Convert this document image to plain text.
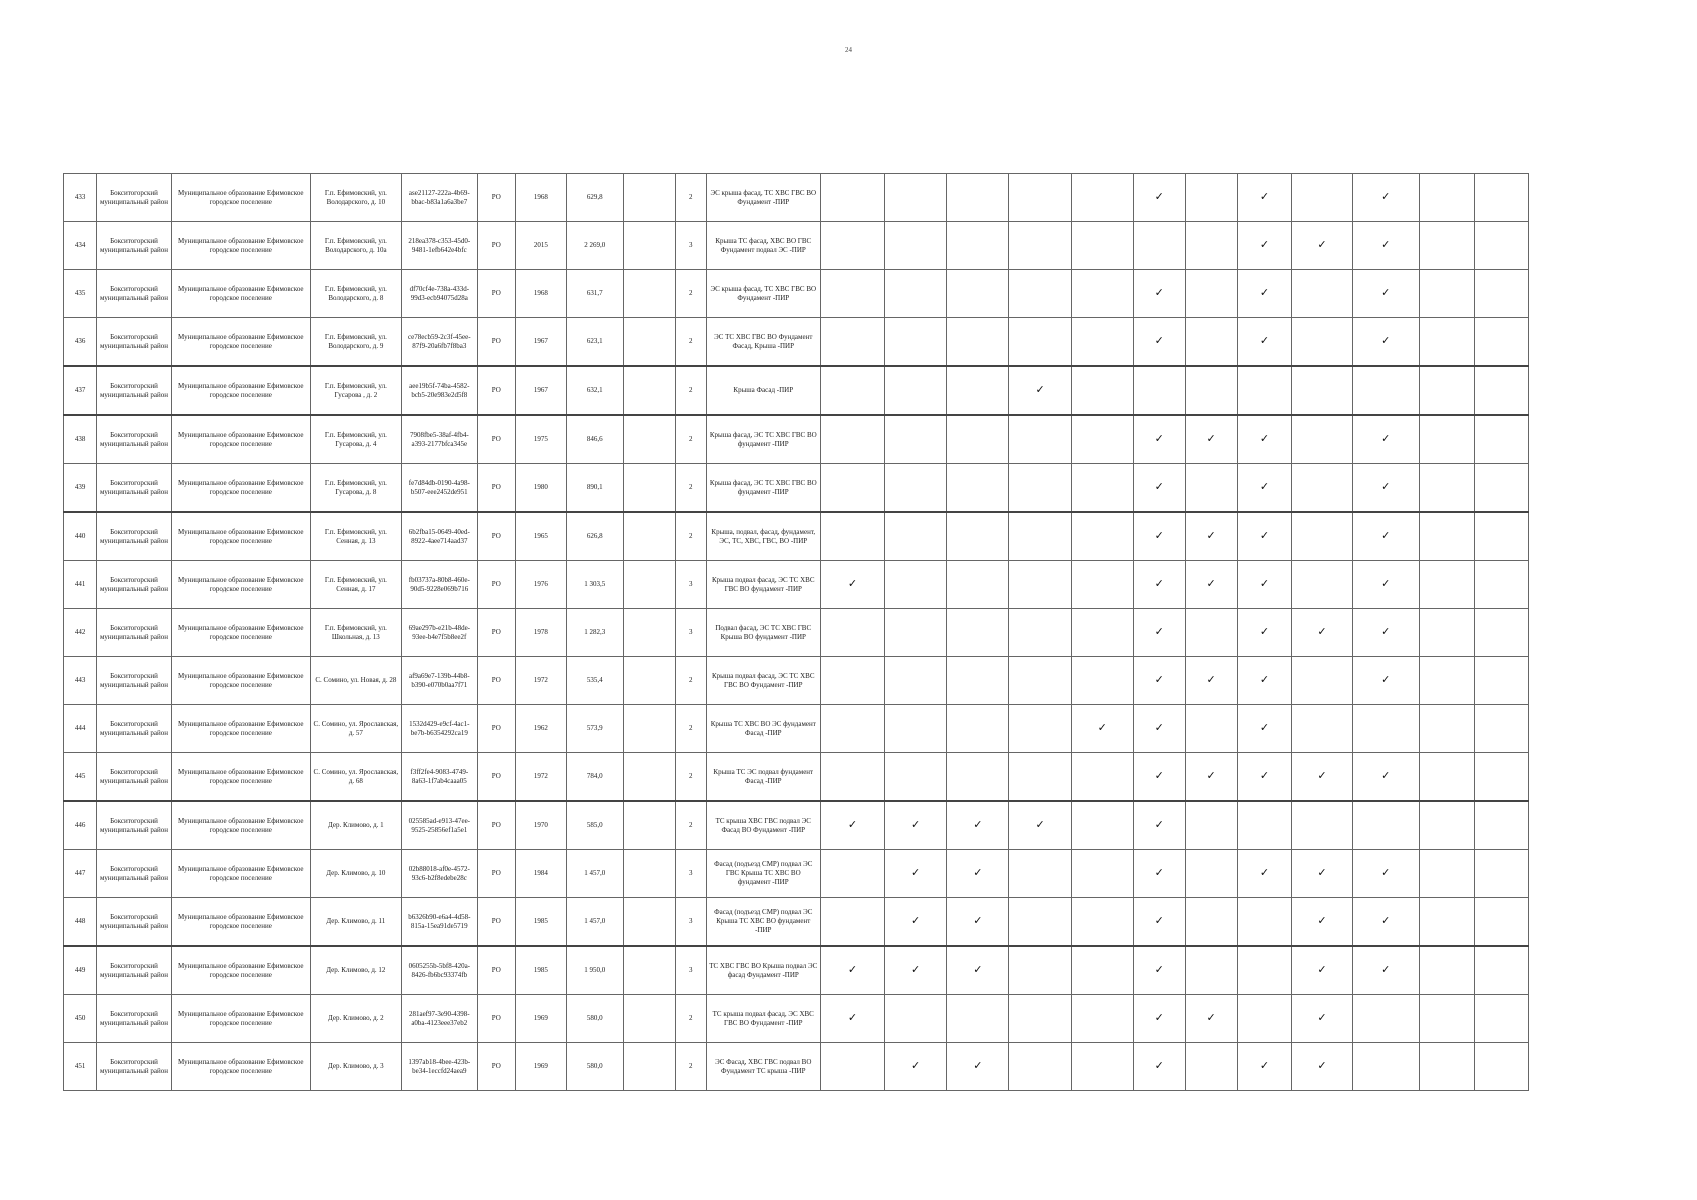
24
433	Бокситогорский муниципальный район	Муниципальное образование Ефимовское городское поселение	Г.п. Ефимовский, ул. Володарского, д. 10	ase21127-222a-4b69-bbac-b83a1a6a3be7	РО	1968	629,8		2	ЭС крыша фасад, ТС ХВС ГВС ВО Фундамент -ПИР						✓		✓		✓		
434	Бокситогорский муниципальный район	Муниципальное образование Ефимовское городское поселение	Г.п. Ефимовский, ул. Володарского, д. 10а	218ea378-c353-45d0-9481-1efb642e4bfc	РО	2015	2 269,0		3	Крыша ТС фасад, ХВС ВО ГВС Фундамент подвал ЭС -ПИР								✓	✓	✓		
435	Бокситогорский муниципальный район	Муниципальное образование Ефимовское городское поселение	Г.п. Ефимовский, ул. Володарского, д. 8	df70cf4e-738a-433d-99d3-ecb94075d28a	РО	1968	631,7		2	ЭС крыша фасад, ТС ХВС ГВС ВО Фундамент -ПИР						✓		✓		✓		
436	Бокситогорский муниципальный район	Муниципальное образование Ефимовское городское поселение	Г.п. Ефимовский, ул. Володарского, д. 9	ce78ecb59-2c3f-45ee-87f9-20a6fb7f8ba3	РО	1967	623,1		2	ЭС ТС ХВС ГВС ВО Фундамент Фасад, Крыша -ПИР						✓		✓		✓		
437	Бокситогорский муниципальный район	Муниципальное образование Ефимовское городское поселение	Г.п. Ефимовский, ул. Гусарова , д. 2	aee19b5f-74ba-4582-bcb5-20e983e2d5f8	РО	1967	632,1		2	Крыша Фасад -ПИР				✓								
438	Бокситогорский муниципальный район	Муниципальное образование Ефимовское городское поселение	Г.п. Ефимовский, ул. Гусарова, д. 4	7908fbe5-38af-4fb4-a393-2177bfca345e	РО	1975	846,6		2	Крыша фасад, ЭС ТС ХВС ГВС ВО фундамент -ПИР						✓	✓	✓		✓		
439	Бокситогорский муниципальный район	Муниципальное образование Ефимовское городское поселение	Г.п. Ефимовский, ул. Гусарова, д. 8	fe7d84db-0190-4a98-b507-eee2452de951	РО	1980	890,1		2	Крыша фасад, ЭС ТС ХВС ГВС ВО фундамент -ПИР						✓		✓		✓		
440	Бокситогорский муниципальный район	Муниципальное образование Ефимовское городское поселение	Г.п. Ефимовский, ул. Сенная, д. 13	6b2fba15-0649-40ed-8922-4aee714aad37	РО	1965	626,8		2	Крыша, подвал, фасад, фундамент, ЭС, ТС, ХВС, ГВС, ВО -ПИР						✓	✓	✓		✓		
441	Бокситогорский муниципальный район	Муниципальное образование Ефимовское городское поселение	Г.п. Ефимовский, ул. Сенная, д. 17	fb03737a-80b8-460e-90d5-9228e069b716	РО	1976	1 303,5		3	Крыша подвал фасад, ЭС ТС ХВС ГВС ВО фундамент -ПИР	✓					✓	✓	✓		✓		
442	Бокситогорский муниципальный район	Муниципальное образование Ефимовское городское поселение	Г.п. Ефимовский, ул. Школьная, д. 13	69ae297b-e21b-48de-93ee-b4e7f5b8ee2f	РО	1978	1 282,3		3	Подвал фасад, ЭС ТС ХВС ГВС Крыша ВО фундамент -ПИР						✓		✓	✓	✓		
443	Бокситогорский муниципальный район	Муниципальное образование Ефимовское городское поселение	С. Сомино, ул. Новая, д. 28	af9a69e7-139b-44b8-b390-e070b0aa7f71	РО	1972	535,4		2	Крыша подвал фасад, ЭС ТС ХВС ГВС ВО Фундамент -ПИР						✓	✓	✓		✓		
444	Бокситогорский муниципальный район	Муниципальное образование Ефимовское городское поселение	С. Сомино, ул. Ярославская, д. 57	1532d429-e9cf-4ac1-be7b-b6354292ca19	РО	1962	573,9		2	Крыша ТС ХВС ВО ЭС фундамент Фасад -ПИР					✓	✓		✓				
445	Бокситогорский муниципальный район	Муниципальное образование Ефимовское городское поселение	С. Сомино, ул. Ярославская, д. 68	f3ff2fe4-9083-4749-8a63-1f7ab4caaa05	РО	1972	784,0		2	Крыша ТС ЭС подвал фундамент Фасад -ПИР						✓	✓	✓	✓	✓		
446	Бокситогорский муниципальный район	Муниципальное образование Ефимовское городское поселение	Дер. Климово, д. 1	025585ad-e913-47ee-9525-25856ef1a5e1	РО	1970	585,0		2	ТС крыша ХВС ГВС подвал ЭС Фасад ВО Фундамент -ПИР	✓	✓	✓	✓		✓						
447	Бокситогорский муниципальный район	Муниципальное образование Ефимовское городское поселение	Дер. Климово, д. 10	02b88018-af0e-4572-93c6-b2f8edebe28c	РО	1984	1 457,0		3	Фасад (подъезд СМР) подвал ЭС ГВС Крыша ТС ХВС ВО фундамент -ПИР		✓	✓			✓		✓	✓	✓		
448	Бокситогорский муниципальный район	Муниципальное образование Ефимовское городское поселение	Дер. Климово, д. 11	b6326b90-e6a4-4d58-815a-15ea91de5719	РО	1985	1 457,0		3	Фасад (подъезд СМР) подвал ЭС Крыша ТС ХВС ВО фундамент -ПИР		✓	✓			✓			✓	✓		
449	Бокситогорский муниципальный район	Муниципальное образование Ефимовское городское поселение	Дер. Климово, д. 12	0605255b-5bf8-420a-8426-fb6bc93374fb	РО	1985	1 950,0		3	ТС ХВС ГВС ВО Крыша подвал ЭС фасад Фундамент -ПИР	✓	✓	✓			✓			✓	✓		
450	Бокситогорский муниципальный район	Муниципальное образование Ефимовское городское поселение	Дер. Климово, д. 2	281aef97-3e90-4398-a0ba-4123eee37eb2	РО	1969	580,0		2	ТС крыша подвал фасад, ЭС ХВС ГВС ВО Фундамент -ПИР	✓					✓	✓		✓			
451	Бокситогорский муниципальный район	Муниципальное образование Ефимовское городское поселение	Дер. Климово, д. 3	1397ab18-4bee-423b-be34-1eccfd24aea9	РО	1969	580,0		2	ЭС Фасад, ХВС ГВС подвал ВО Фундамент ТС крыша -ПИР		✓	✓			✓		✓	✓			
